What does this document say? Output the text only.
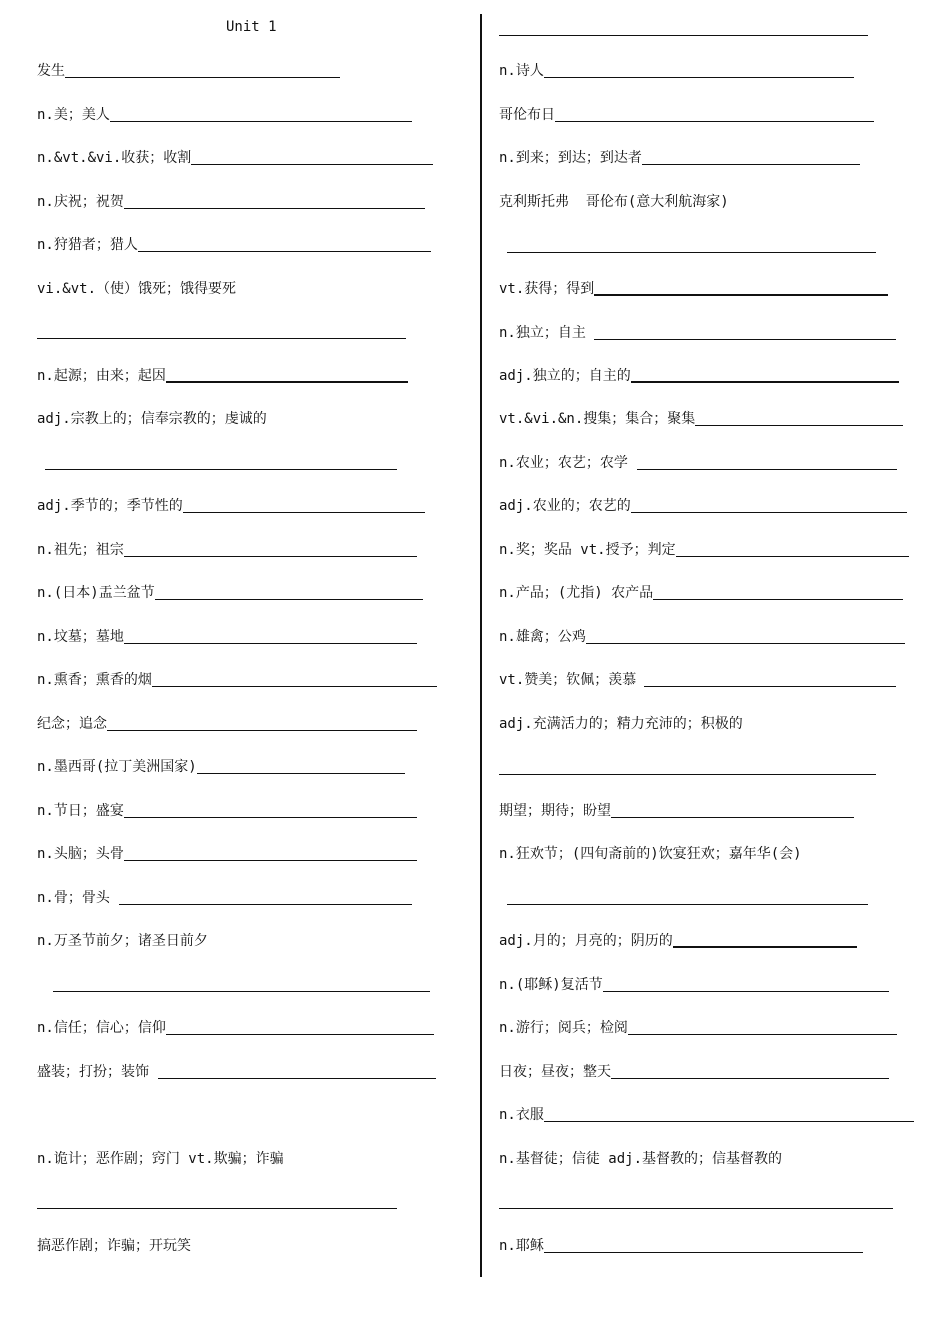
Unit 1
发生
n.美；美人
n.&vt.&vi.收获；收割
n.庆祝；祝贺
n.狩猎者；猎人
vi.&vt.（使）饿死；饿得要死
n.起源；由来；起因
adj.宗教上的；信奉宗教的；虔诚的
adj.季节的；季节性的
n.祖先；祖宗
n.(日本)盂兰盆节
n.坟墓；墓地
n.熏香；熏香的烟
纪念；追念
n.墨西哥(拉丁美洲国家)
n.节日；盛宴
n.头脑；头骨
n.骨；骨头
n.万圣节前夕；诸圣日前夕
n.信任；信心；信仰
盛装；打扮；装饰
n.诡计；恶作剧；窍门 vt.欺骗；诈骗
搞恶作剧；诈骗；开玩笑
n.诗人
哥伦布日
n.到来；到达；到达者
克利斯托弗  哥伦布(意大利航海家)
vt.获得；得到
n.独立；自主
adj.独立的；自主的
vt.&vi.&n.搜集；集合；聚集
n.农业；农艺；农学
adj.农业的；农艺的
n.奖；奖品 vt.授予；判定
n.产品；(尤指) 农产品
n.雄禽；公鸡
vt.赞美；钦佩；羡慕
adj.充满活力的；精力充沛的；积极的
期望；期待；盼望
n.狂欢节；(四旬斋前的)饮宴狂欢；嘉年华(会)
adj.月的；月亮的；阴历的
n.(耶稣)复活节
n.游行；阅兵；检阅
日夜；昼夜；整天
n.衣服
n.基督徒；信徒 adj.基督教的；信基督教的
n.耶稣
